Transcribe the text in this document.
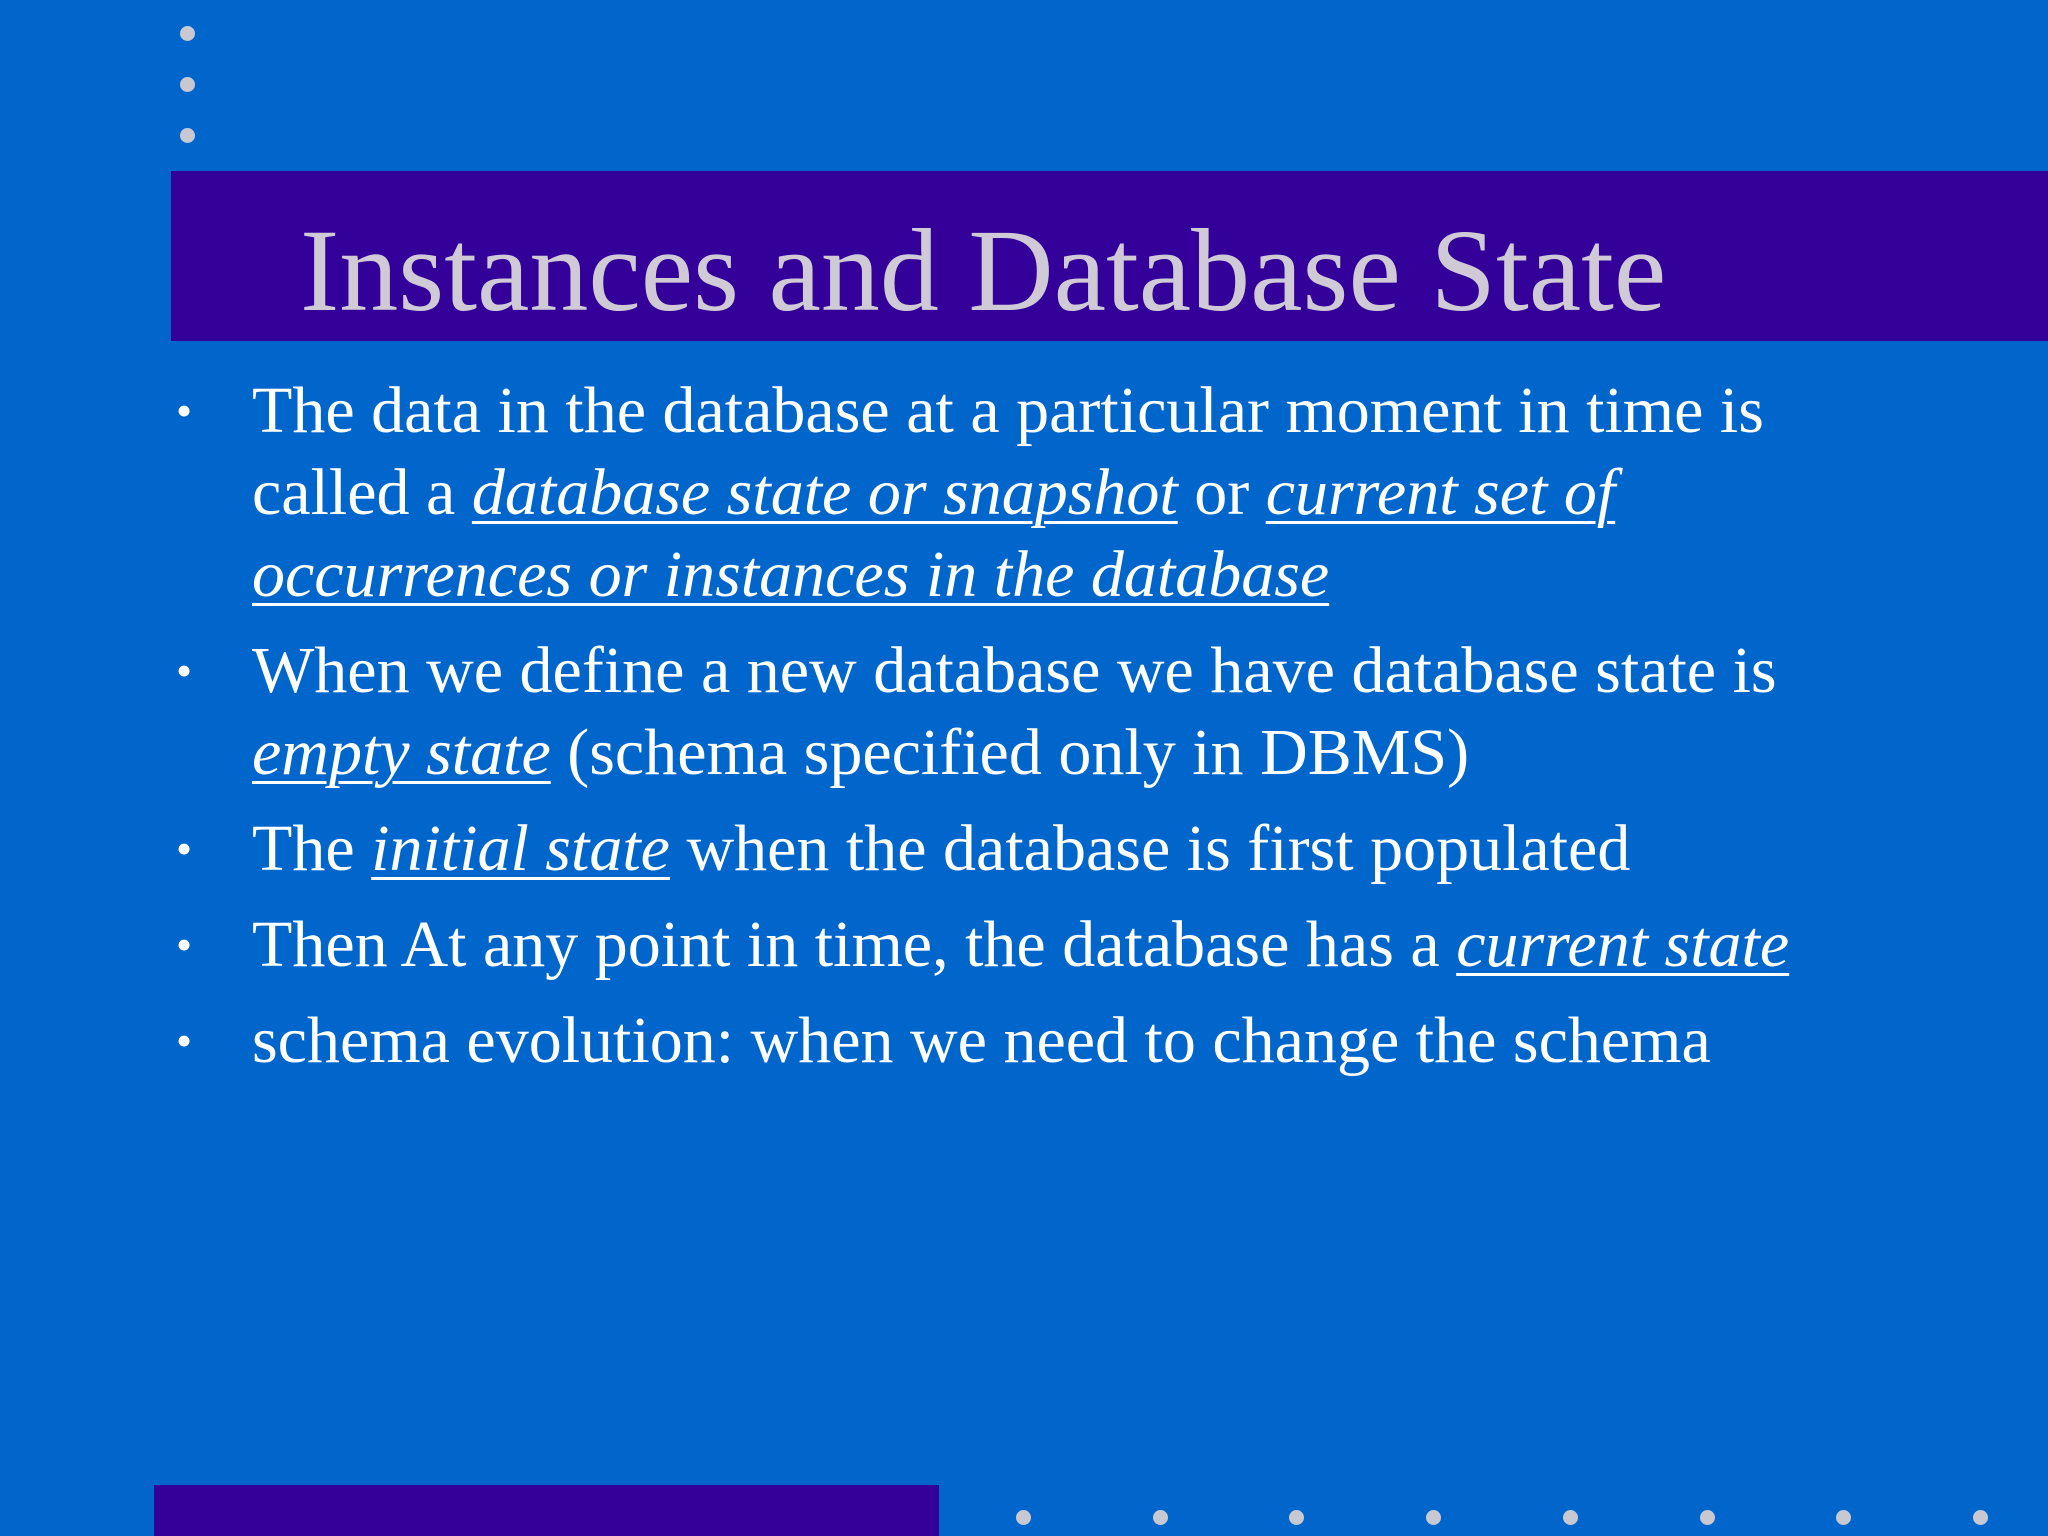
Instances and Database State
• The data in the database at a particular moment in time is called a database state or snapshot or current set of occurrences or instances in the database
• When we define a new database we have database state is empty state (schema specified only in DBMS)
• The initial state when the database is first populated
• Then At any point in time, the database has a current state
• schema evolution: when we need to change the schema
